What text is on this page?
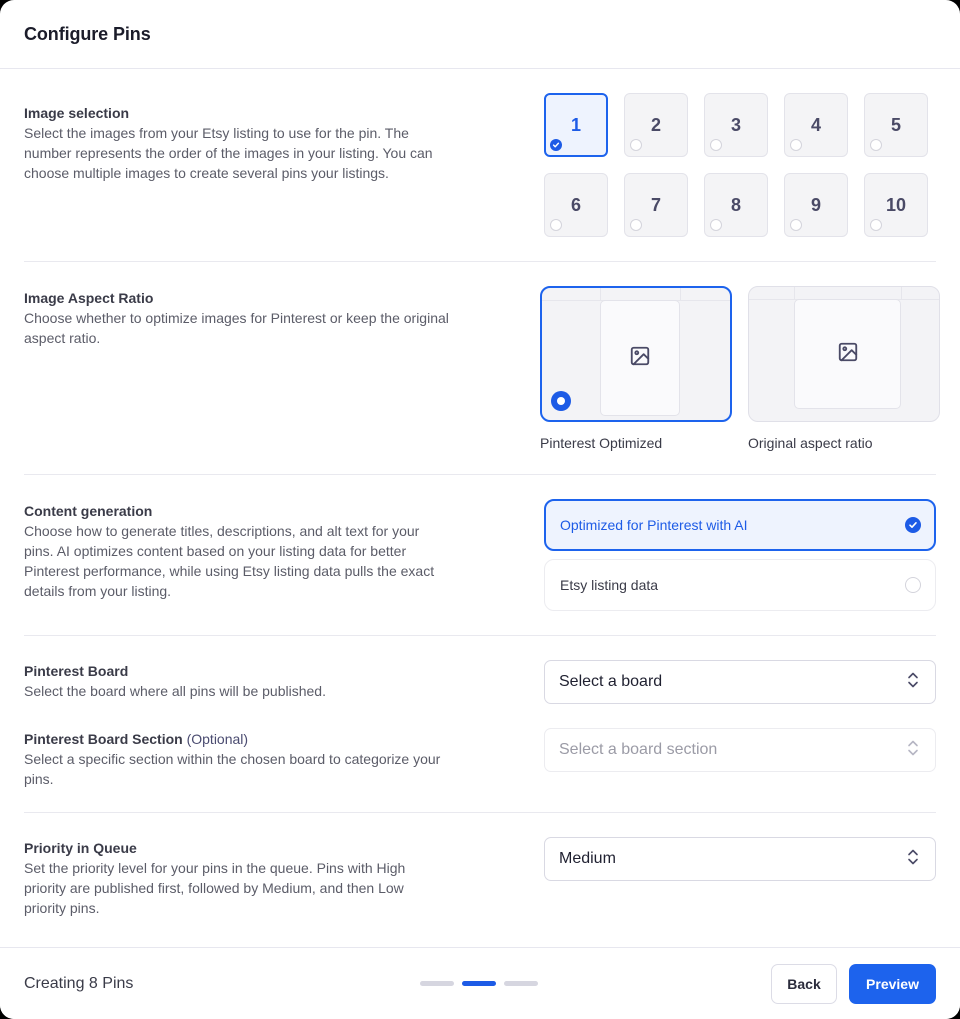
Configure Pins
Image selection
Select the images from your Etsy listing to use for the pin. The number represents the order of the images in your listing. You can choose multiple images to create several pins your listings.
1	2	3	4	5
6	7	8	9	10
Image Aspect Ratio
Choose whether to optimize images for Pinterest or keep the original aspect ratio.
Pinterest Optimized	Original aspect ratio
Content generation
Choose how to generate titles, descriptions, and alt text for your pins. AI optimizes content based on your listing data for better Pinterest performance, while using Etsy listing data pulls the exact details from your listing.
Optimized for Pinterest with AI
Etsy listing data
Pinterest Board
Select the board where all pins will be published.
Pinterest Board Section (Optional)
Select a specific section within the chosen board to categorize your pins.
Select a board
Select a board section
Priority in Queue
Set the priority level for your pins in the queue. Pins with High priority are published first, followed by Medium, and then Low priority pins.
Medium
Creating 8 Pins	Back	Preview
